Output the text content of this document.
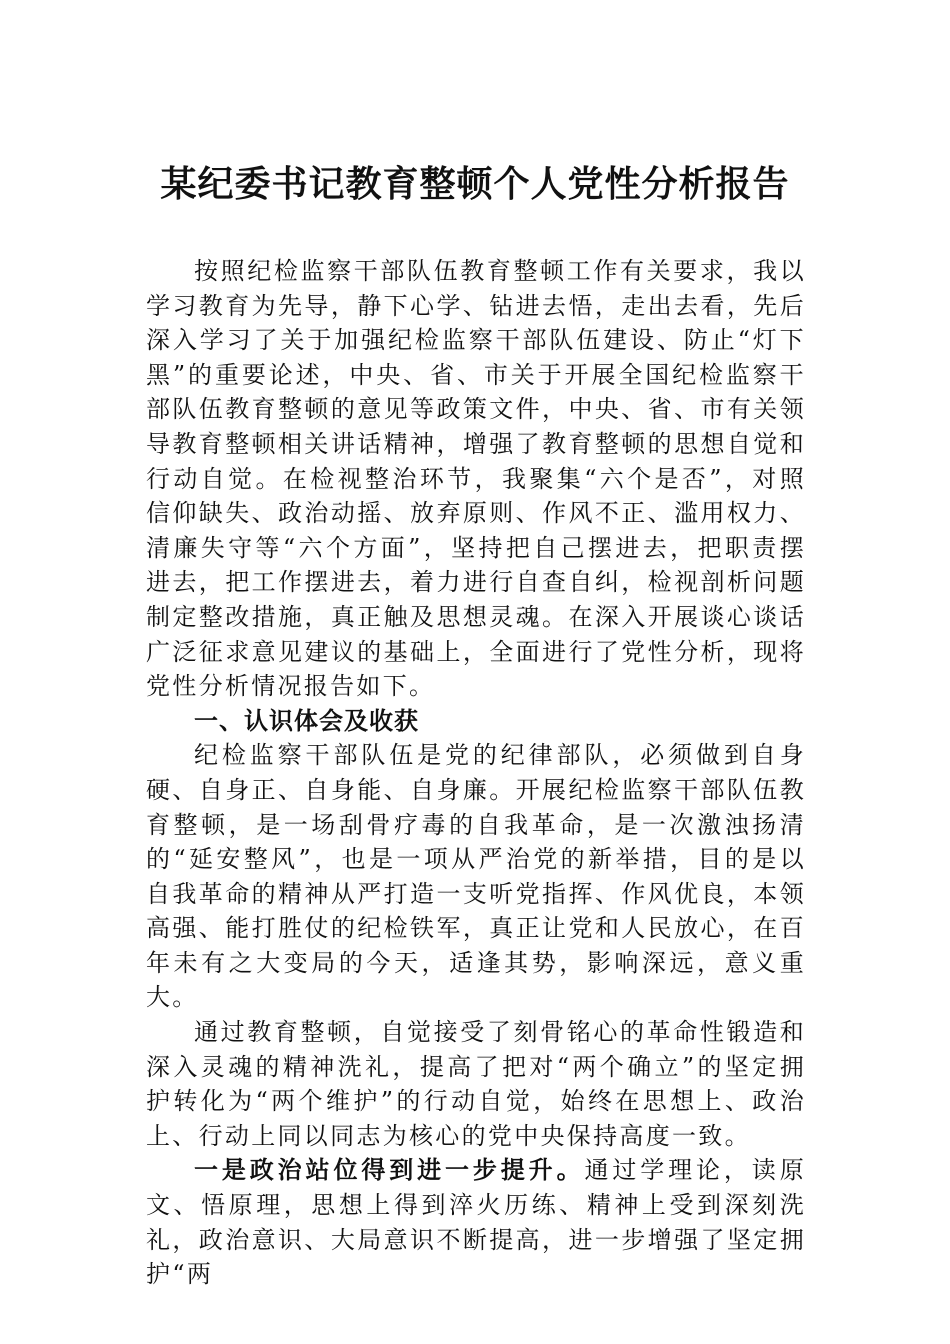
某纪委书记教育整顿个人党性分析报告

按照纪检监察干部队伍教育整顿工作有关要求，我以学习教育为先导，静下心学、钻进去悟，走出去看，先后深入学习了关于加强纪检监察干部队伍建设、防止“灯下黑”的重要论述，中央、省、市关于开展全国纪检监察干部队伍教育整顿的意见等政策文件，中央、省、市有关领导教育整顿相关讲话精神，增强了教育整顿的思想自觉和行动自觉。在检视整治环节，我聚集“六个是否”，对照信仰缺失、政治动摇、放弃原则、作风不正、滥用权力、清廉失守等“六个方面”，坚持把自己摆进去，把职责摆进去，把工作摆进去，着力进行自查自纠，检视剖析问题制定整改措施，真正触及思想灵魂。在深入开展谈心谈话广泛征求意见建议的基础上，全面进行了党性分析，现将党性分析情况报告如下。

一、认识体会及收获

纪检监察干部队伍是党的纪律部队，必须做到自身硬、自身正、自身能、自身廉。开展纪检监察干部队伍教育整顿，是一场刮骨疗毒的自我革命，是一次激浊扬清的“延安整风”，也是一项从严治党的新举措，目的是以自我革命的精神从严打造一支听党指挥、作风优良，本领高强、能打胜仗的纪检铁军，真正让党和人民放心，在百年未有之大变局的今天，适逢其势，影响深远，意义重大。

通过教育整顿，自觉接受了刻骨铭心的革命性锻造和深入灵魂的精神洗礼，提高了把对“两个确立”的坚定拥护转化为“两个维护”的行动自觉，始终在思想上、政治上、行动上同以同志为核心的党中央保持高度一致。

一是政治站位得到进一步提升。通过学理论，读原文、悟原理，思想上得到淬火历练、精神上受到深刻洗礼，政治意识、大局意识不断提高，进一步增强了坚定拥护“两
